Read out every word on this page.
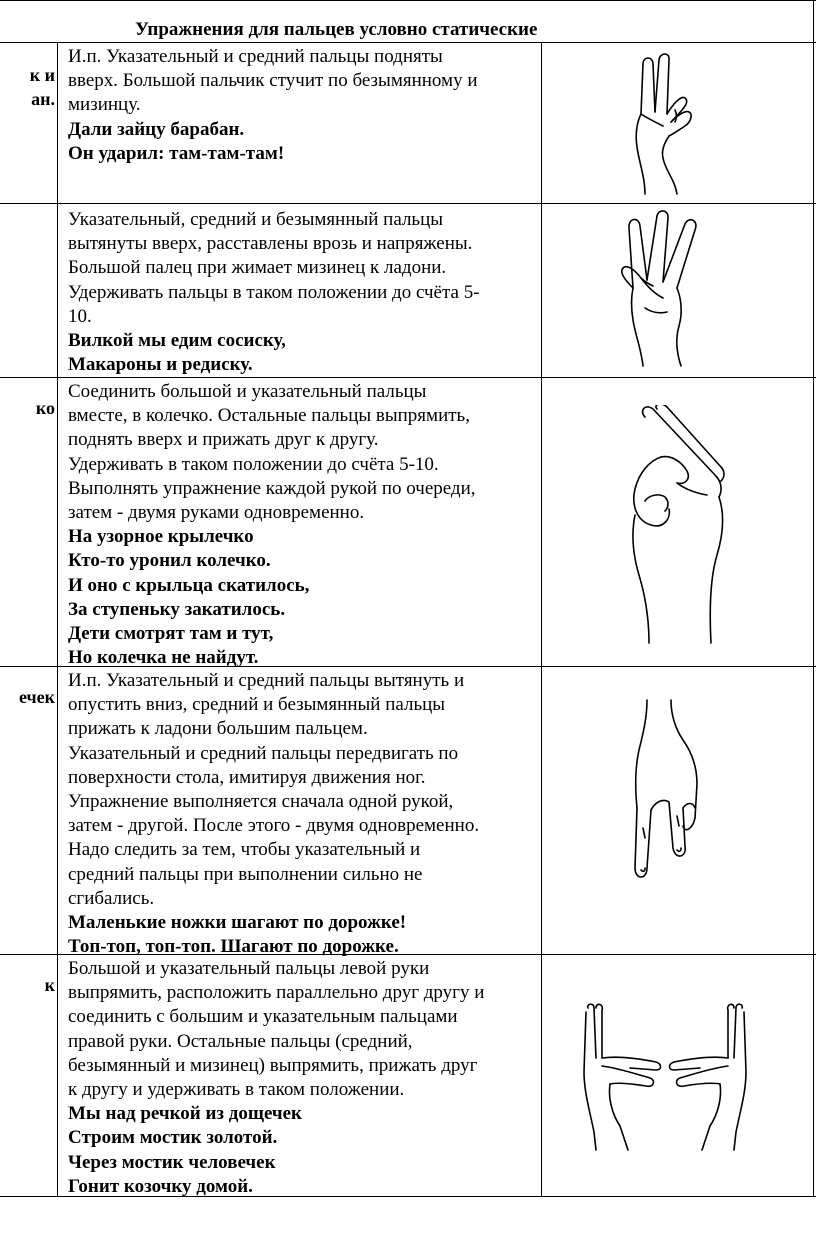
Упражнения для пальцев условно статические
к и
ан.
И.п. Указательный и средний пальцы подняты
вверх. Большой пальчик стучит по безымянному и
мизинцу.
Дали зайцу барабан.
Он ударил: там-там-там!
Указательный, средний и безымянный пальцы
вытянуты вверх, расставлены врозь и напряжены.
Большой палец при жимает мизинец к ладони.
Удерживать пальцы в таком положении до счёта 5-
10.
Вилкой мы едим сосиску,
Макароны и редиску.
ко
Соединить большой и указательный пальцы
вместе, в колечко. Остальные пальцы выпрямить,
поднять вверх и прижать друг к другу.
Удерживать в таком положении до счёта 5-10.
Выполнять упражнение каждой рукой по очереди,
затем - двумя руками одновременно.
На узорное крылечко
Кто-то уронил колечко.
И оно с крыльца скатилось,
За ступеньку закатилось.
Дети смотрят там и тут,
Но колечка не найдут.
ечек
И.п. Указательный и средний пальцы вытянуть и
опустить вниз, средний и безымянный пальцы
прижать к ладони большим пальцем.
Указательный и средний пальцы передвигать по
поверхности стола, имитируя движения ног.
Упражнение выполняется сначала одной рукой,
затем - другой. После этого - двумя одновременно.
Надо следить за тем, чтобы указательный и
средний пальцы при выполнении сильно не
сгибались.
Маленькие ножки шагают по дорожке!
Топ-топ, топ-топ. Шагают по дорожке.
к
Большой и указательный пальцы левой руки
выпрямить, расположить параллельно друг другу и
соединить с большим и указательным пальцами
правой руки. Остальные пальцы (средний,
безымянный и мизинец) выпрямить, прижать друг
к другу и удерживать в таком положении.
Мы над речкой из дощечек
Строим мостик золотой.
Через мостик человечек
Гонит козочку домой.
